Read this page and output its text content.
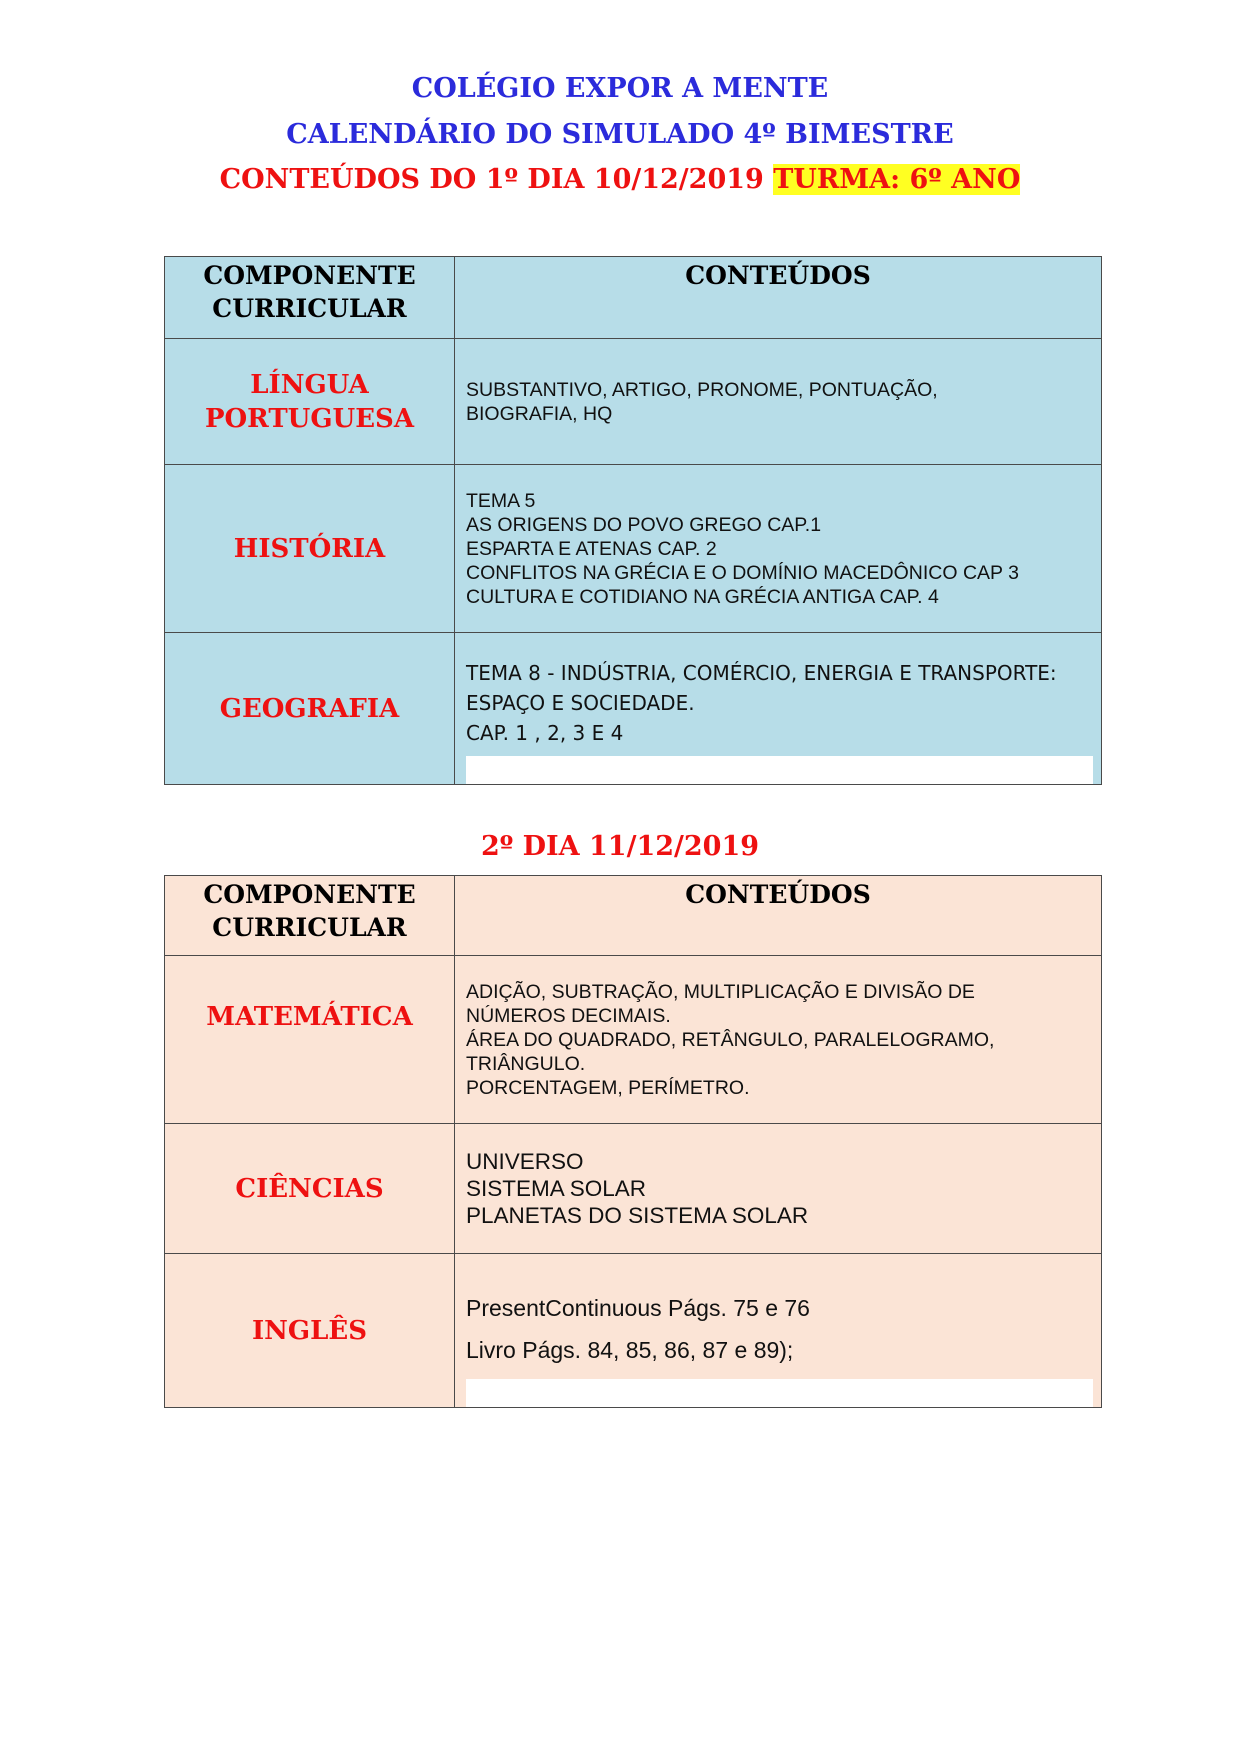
COLÉGIO EXPOR A MENTE
CALENDÁRIO DO SIMULADO 4º BIMESTRE
CONTEÚDOS DO 1º DIA 10/12/2019 TURMA: 6º ANO
COMPONENTE
CURRICULAR	CONTEÚDOS

LÍNGUA
PORTUGUESA	SUBSTANTIVO, ARTIGO, PRONOME, PONTUAÇÃO,
BIOGRAFIA, HQ

HISTÓRIA	TEMA 5
AS ORIGENS DO POVO GREGO CAP.1
ESPARTA E ATENAS CAP. 2
CONFLITOS NA GRÉCIA E O DOMÍNIO MACEDÔNICO CAP 3
CULTURA E COTIDIANO NA GRÉCIA ANTIGA CAP. 4

GEOGRAFIA	TEMA 8 - INDÚSTRIA, COMÉRCIO, ENERGIA E TRANSPORTE:
ESPAÇO E SOCIEDADE.
CAP. 1 , 2, 3 E 4
2º DIA 11/12/2019
COMPONENTE
CURRICULAR	CONTEÚDOS

MATEMÁTICA	ADIÇÃO, SUBTRAÇÃO, MULTIPLICAÇÃO E DIVISÃO DE
NÚMEROS DECIMAIS.
ÁREA DO QUADRADO, RETÂNGULO, PARALELOGRAMO,
TRIÂNGULO.
PORCENTAGEM, PERÍMETRO.

CIÊNCIAS	UNIVERSO
SISTEMA SOLAR
PLANETAS DO SISTEMA SOLAR

INGLÊS	PresentContinuous Págs. 75 e 76
Livro Págs. 84, 85, 86, 87 e 89);
